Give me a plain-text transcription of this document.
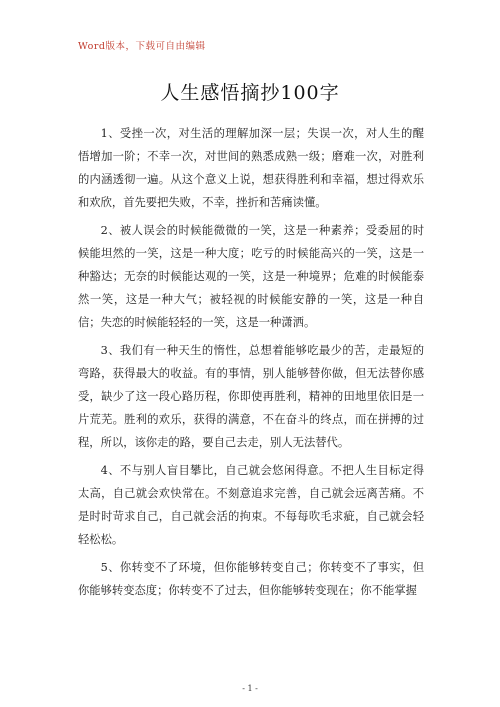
Word版本，下载可自由编辑
人生感悟摘抄100字

1、受挫一次，对生活的理解加深一层；失误一次，对人生的醒悟增加一阶；不幸一次，对世间的熟悉成熟一级；磨难一次，对胜利的内涵透彻一遍。从这个意义上说，想获得胜利和幸福，想过得欢乐和欢欣，首先要把失败，不幸，挫折和苦痛读懂。

2、被人误会的时候能微微的一笑，这是一种素养；受委屈的时候能坦然的一笑，这是一种大度；吃亏的时候能高兴的一笑，这是一种豁达；无奈的时候能达观的一笑，这是一种境界；危难的时候能泰然一笑，这是一种大气；被轻视的时候能安静的一笑，这是一种自信；失恋的时候能轻轻的一笑，这是一种潇洒。

3、我们有一种天生的惰性，总想着能够吃最少的苦，走最短的弯路，获得最大的收益。有的事情，别人能够替你做，但无法替你感受，缺少了这一段心路历程，你即使再胜利，精神的田地里依旧是一片荒芜。胜利的欢乐，获得的满意，不在奋斗的终点，而在拼搏的过程，所以，该你走的路，要自己去走，别人无法替代。

4、不与别人盲目攀比，自己就会悠闲得意。不把人生目标定得太高，自己就会欢快常在。不刻意追求完善，自己就会远离苦痛。不是时时苛求自己，自己就会活的拘束。不每每吹毛求疵，自己就会轻轻松松。

5、你转变不了环境，但你能够转变自己；你转变不了事实，但你能够转变态度；你转变不了过去，但你能够转变现在；你不能掌握

- 1 -
